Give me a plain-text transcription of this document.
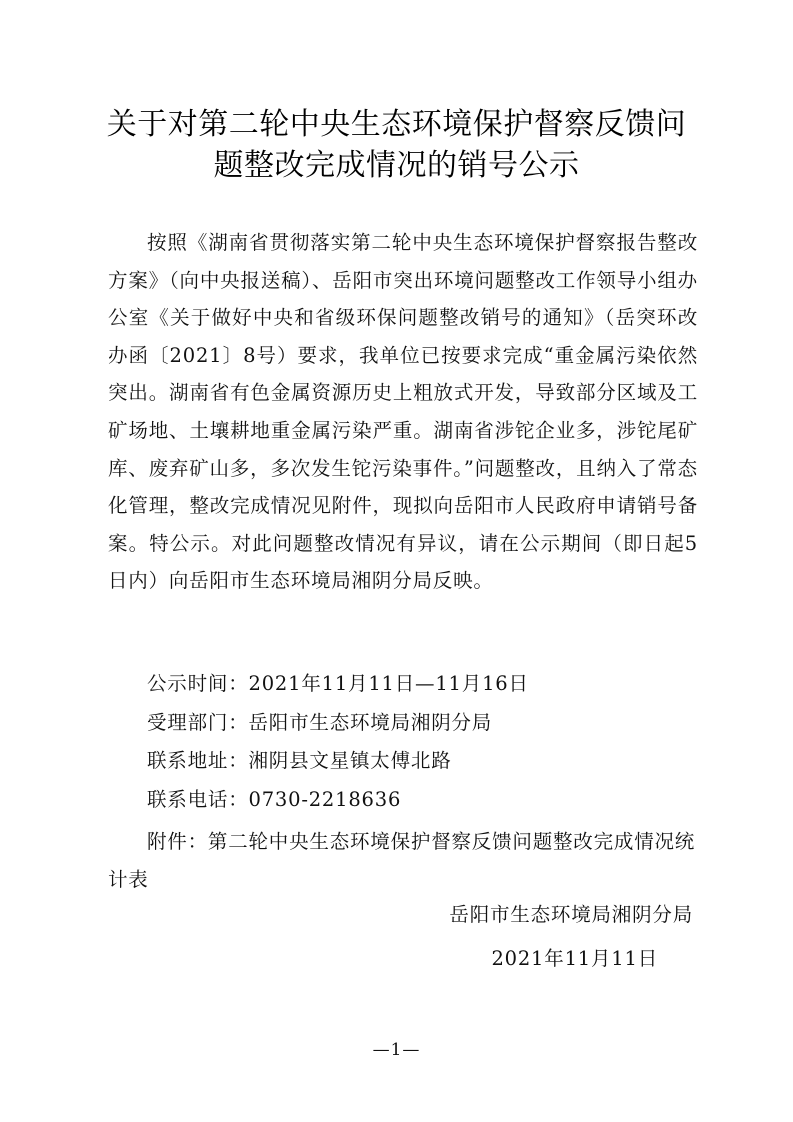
关于对第二轮中央生态环境保护督察反馈问
题整改完成情况的销号公示

按照《湖南省贯彻落实第二轮中央生态环境保护督察报告整改方案》（向中央报送稿）、岳阳市突出环境问题整改工作领导小组办公室《关于做好中央和省级环保问题整改销号的通知》（岳突环改办函〔2021〕8号）要求，我单位已按要求完成“重金属污染依然突出。湖南省有色金属资源历史上粗放式开发，导致部分区域及工矿场地、土壤耕地重金属污染严重。湖南省涉铊企业多，涉铊尾矿库、废弃矿山多，多次发生铊污染事件。”问题整改，且纳入了常态化管理，整改完成情况见附件，现拟向岳阳市人民政府申请销号备案。特公示。对此问题整改情况有异议，请在公示期间（即日起5日内）向岳阳市生态环境局湘阴分局反映。

公示时间：2021年11月11日—11月16日
受理部门：岳阳市生态环境局湘阴分局
联系地址：湘阴县文星镇太傅北路
联系电话：0730-2218636

附件：第二轮中央生态环境保护督察反馈问题整改完成情况统计表

岳阳市生态环境局湘阴分局
2021年11月11日
—1—
